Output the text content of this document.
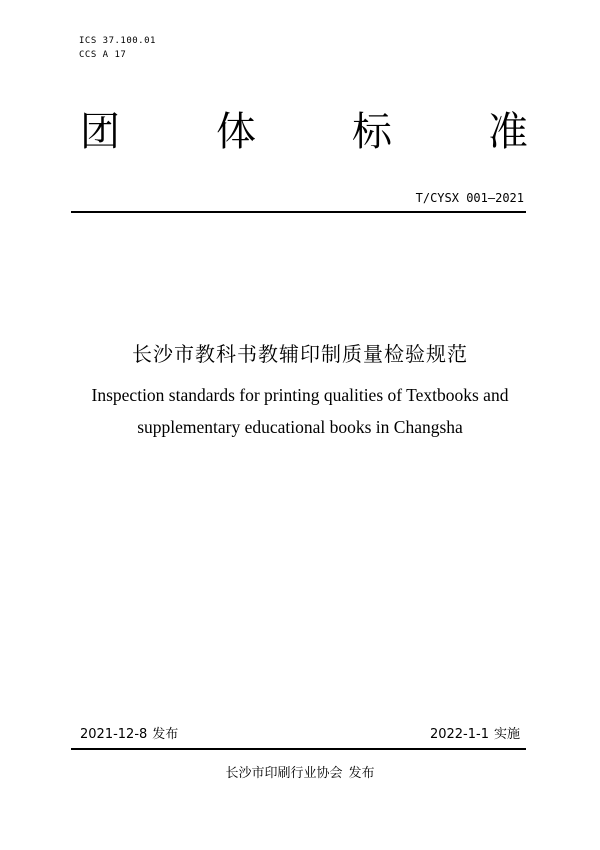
ICS 37.100.01
CCS A 17
团 体 标 准
T/CYSX 001—2021
长沙市教科书教辅印制质量检验规范
Inspection standards for printing qualities of Textbooks and
supplementary educational books in Changsha
2021-12-8 发布	2022-1-1 实施
长沙市印刷行业协会 发布
